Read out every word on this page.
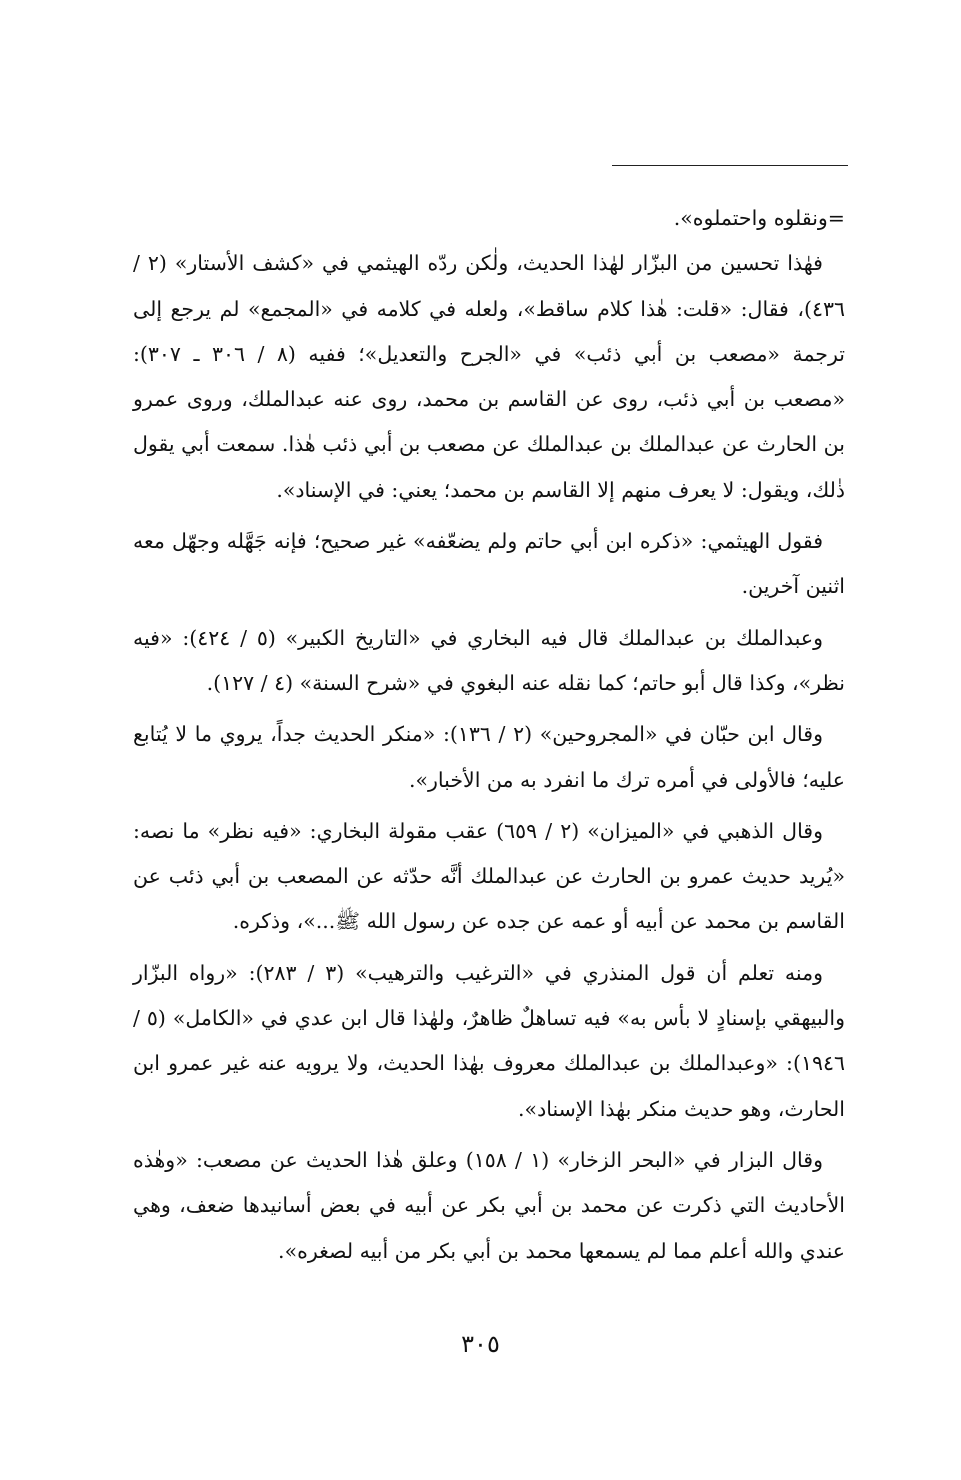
=ونقلوه واحتملوه».

فهٰذا تحسين من البزّار لهٰذا الحديث، ولٰكن ردّه الهيثمي في «كشف الأستار» (٢ / ٤٣٦)، فقال: «قلت: هٰذا كلام ساقط»، ولعله في كلامه في «المجمع» لم يرجع إلى ترجمة «مصعب بن أبي ذئب» في «الجرح والتعديل»؛ ففيه (٨ / ٣٠٦ ـ ٣٠٧): «مصعب بن أبي ذئب، روى عن القاسم بن محمد، روى عنه عبدالملك، وروى عمرو بن الحارث عن عبدالملك بن عبدالملك عن مصعب بن أبي ذئب هٰذا. سمعت أبي يقول ذٰلك، ويقول: لا يعرف منهم إلا القاسم بن محمد؛ يعني: في الإسناد».

فقول الهيثمي: «ذكره ابن أبي حاتم ولم يضعّفه» غير صحيح؛ فإنه جَهَّله وجهّل معه اثنين آخرين.

وعبدالملك بن عبدالملك قال فيه البخاري في «التاريخ الكبير» (٥ / ٤٢٤): «فيه نظر»، وكذا قال أبو حاتم؛ كما نقله عنه البغوي في «شرح السنة» (٤ / ١٢٧).

وقال ابن حبّان في «المجروحين» (٢ / ١٣٦): «منكر الحديث جداً، يروي ما لا يُتابع عليه؛ فالأولى في أمره ترك ما انفرد به من الأخبار».

وقال الذهبي في «الميزان» (٢ / ٦٥٩) عقب مقولة البخاري: «فيه نظر» ما نصه: «يُريد حديث عمرو بن الحارث عن عبدالملك أنَّه حدّثه عن المصعب بن أبي ذئب عن القاسم بن محمد عن أبيه أو عمه عن جده عن رسول الله ﷺ...»، وذكره.

ومنه تعلم أن قول المنذري في «الترغيب والترهيب» (٣ / ٢٨٣): «رواه البزّار والبيهقي بإسنادٍ لا بأس به» فيه تساهلٌ ظاهرٌ، ولهٰذا قال ابن عدي في «الكامل» (٥ / ١٩٤٦): «وعبدالملك بن عبدالملك معروف بهٰذا الحديث، ولا يرويه عنه غير عمرو ابن الحارث، وهو حديث منكر بهٰذا الإسناد».

وقال البزار في «البحر الزخار» (١ / ١٥٨) وعلق هٰذا الحديث عن مصعب: «وهٰذه الأحاديث التي ذكرت عن محمد بن أبي بكر عن أبيه في بعض أسانيدها ضعف، وهي عندي والله أعلم مما لم يسمعها محمد بن أبي بكر من أبيه لصغره».

٣٠٥
